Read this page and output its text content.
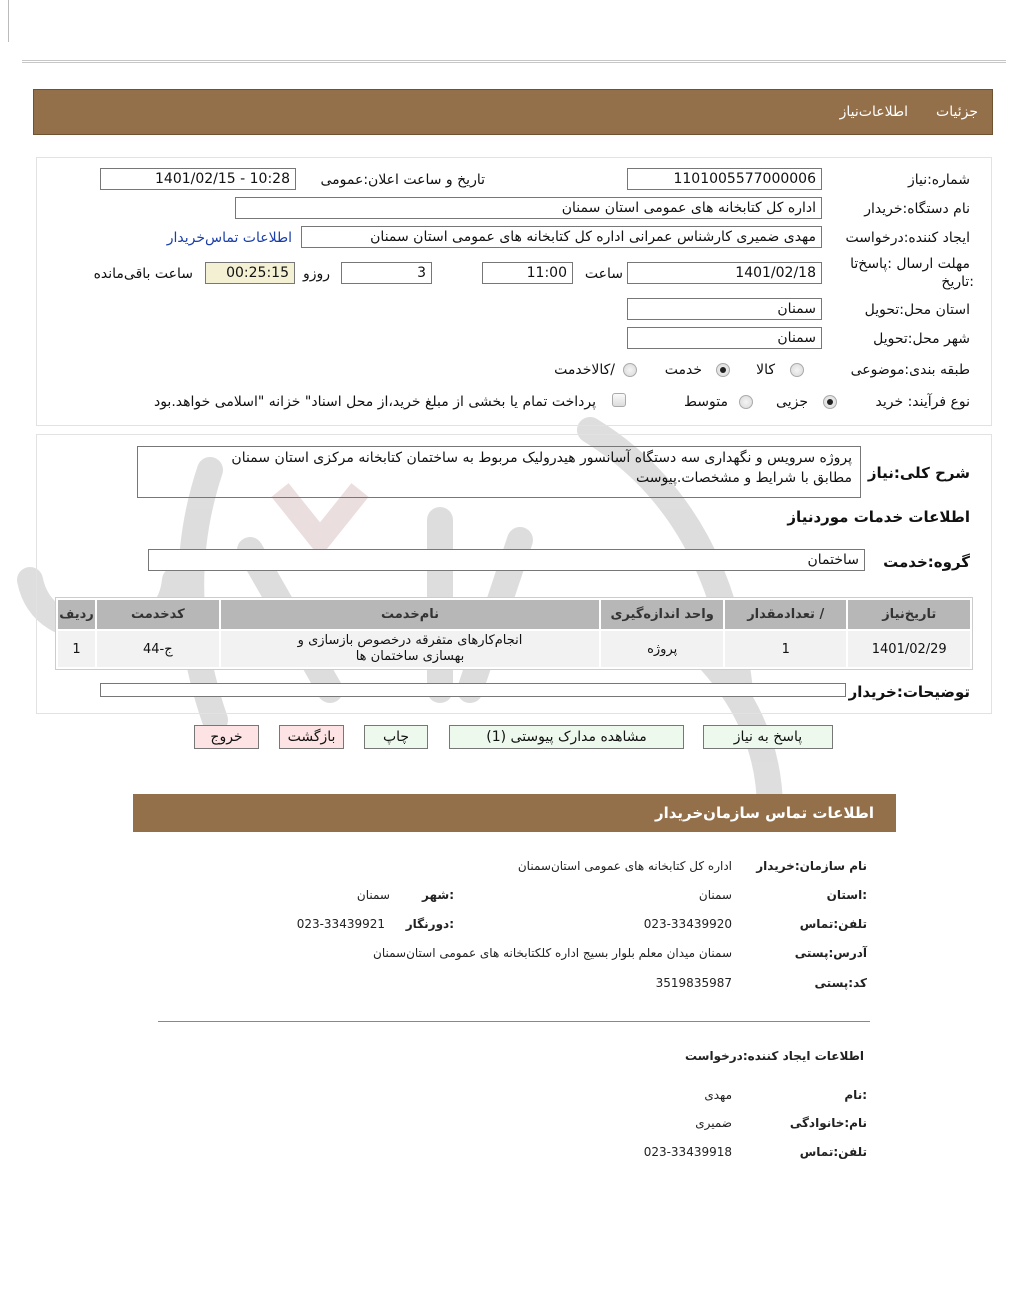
جزئیات
اطلاعات‌نیاز
شماره:نیاز
1101005577000006
تاریخ و ساعت اعلان:عمومی
1401/02/15 - 10:28
نام دستگاه:خریدار
اداره کل کتابخانه های عمومی استان سمنان
ایجاد کننده:درخواست
مهدی ضمیری کارشناس عمرانی اداره کل کتابخانه های عمومی استان سمنان
اطلاعات تماس‌خریدار
مهلت ارسال :پاسخ‌تا
:تاریخ
1401/02/18
ساعت
11:00
3
روزو
00:25:15
ساعت باقی‌مانده
استان محل:تحویل
سمنان
شهر محل:تحویل
سمنان
طبقه بندی:موضوعی
کالا
خدمت
/کالاخدمت
نوع فرآیند: خرید
جزیی
متوسط
پرداخت تمام یا بخشی از مبلغ خرید،از محل اسناد" خزانه "اسلامی خواهد.بود
شرح کلی:نیاز
پروژه سرویس و نگهداری سه دستگاه آسانسور هیدرولیک مربوط به ساختمان کتابخانه مرکزی استان سمنان
مطابق با شرایط و مشخصات.پیوست
اطلاعات خدمات موردنیاز
گروه:خدمت
ساختمان
تاریخ‌نیاز	/ تعدادمقدار	واحد اندازه‌گیری	نام‌خدمت	کدخدمت	ردیف
1401/02/29	1	پروژه	انجام‌کارهای متفرقه درخصوص بازسازی و
بهسازی ساختمان ها	ج-44	1
توضیحات:خریدار
پاسخ به نیاز
مشاهده مدارک پیوستی (1)
چاپ
بازگشت
خروج
اطلاعات تماس سازمان‌خریدار
نام سازمان:خریدار
اداره کل کتابخانه های عمومی استان‌سمنان
:استان
سمنان
:شهر
سمنان
تلفن:تماس
023-33439920
:دورنگار
023-33439921
آدرس:پستی
سمنان میدان معلم بلوار بسیج اداره کلکتابخانه های عمومی استان‌سمنان
کد:پستی
3519835987
اطلاعات ایجاد کننده:درخواست
:نام
مهدی
نام:خانوادگی
ضمیری
تلفن:تماس
023-33439918
